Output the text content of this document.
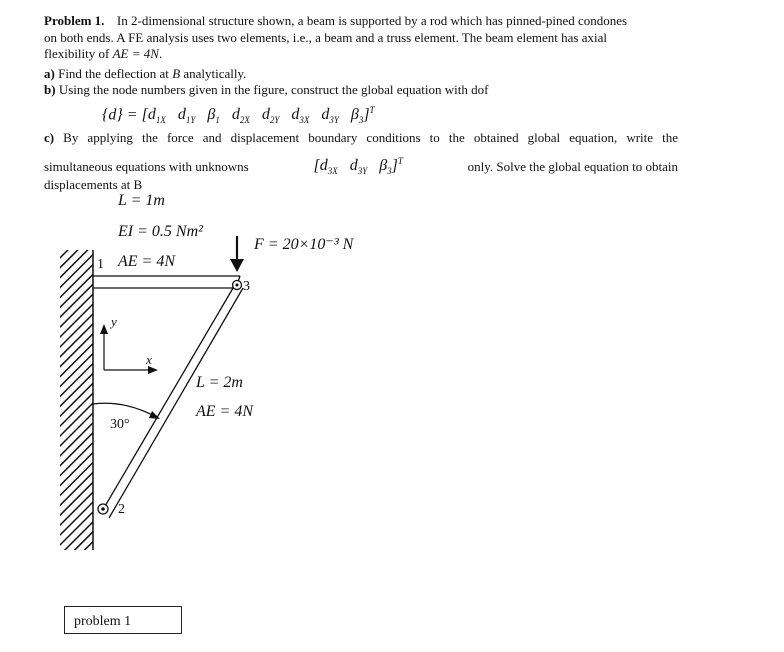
Problem 1. In 2-dimensional structure shown, a beam is supported by a rod which has pinned-pined condones
on both ends. A FE analysis uses two elements, i.e., a beam and a truss element. The beam element has axial
flexibility of AE = 4N.
a) Find the deflection at B analytically.
b) Using the node numbers given in the figure, construct the global equation with dof
$\{d\} = [d_{1X}$ $d_{1Y}$ $\beta_1$ $d_{2X}$ $d_{2Y}$ $d_{3X}$ $d_{3Y}$ $\beta_3]^T$
c) By applying the force and displacement boundary conditions to the obtained global equation, write the
simultaneous equations with unknowns	[$d_{3X}$ $d_{3Y}$ $\beta_3]^T$	only. Solve the global equation to obtain
displacements at B
L = 1m
EI = 0.5 Nm²
AE = 4N
F = 20×10⁻³ N
L = 2m
AE = 4N
30°
1
2
3
x
y
problem 1
